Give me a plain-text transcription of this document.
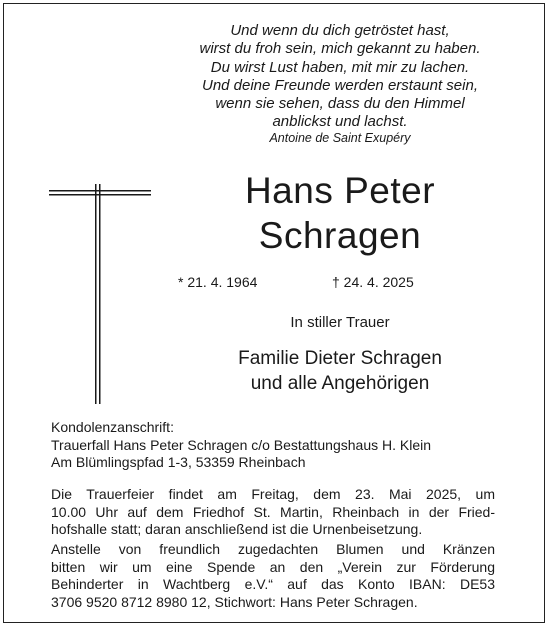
Und wenn du dich getröstet hast,
wirst du froh sein, mich gekannt zu haben.
Du wirst Lust haben, mit mir zu lachen.
Und deine Freunde werden erstaunt sein,
wenn sie sehen, dass du den Himmel
anblickst und lachst.
Antoine de Saint Exupéry
Hans Peter
Schragen
* 21. 4. 1964	† 24. 4. 2025
In stiller Trauer
Familie Dieter Schragen
und alle Angehörigen
Kondolenzanschrift:
Trauerfall Hans Peter Schragen c/o Bestattungshaus H. Klein
Am Blümlingspfad 1-3, 53359 Rheinbach
Die Trauerfeier findet am Freitag, dem 23. Mai 2025, um
10.00 Uhr auf dem Friedhof St. Martin, Rheinbach in der Fried-
hofshalle statt; daran anschließend ist die Urnenbeisetzung.
Anstelle von freundlich zugedachten Blumen und Kränzen
bitten wir um eine Spende an den „Verein zur Förderung
Behinderter in Wachtberg e.V.“ auf das Konto IBAN: DE53
3706 9520 8712 8980 12, Stichwort: Hans Peter Schragen.
